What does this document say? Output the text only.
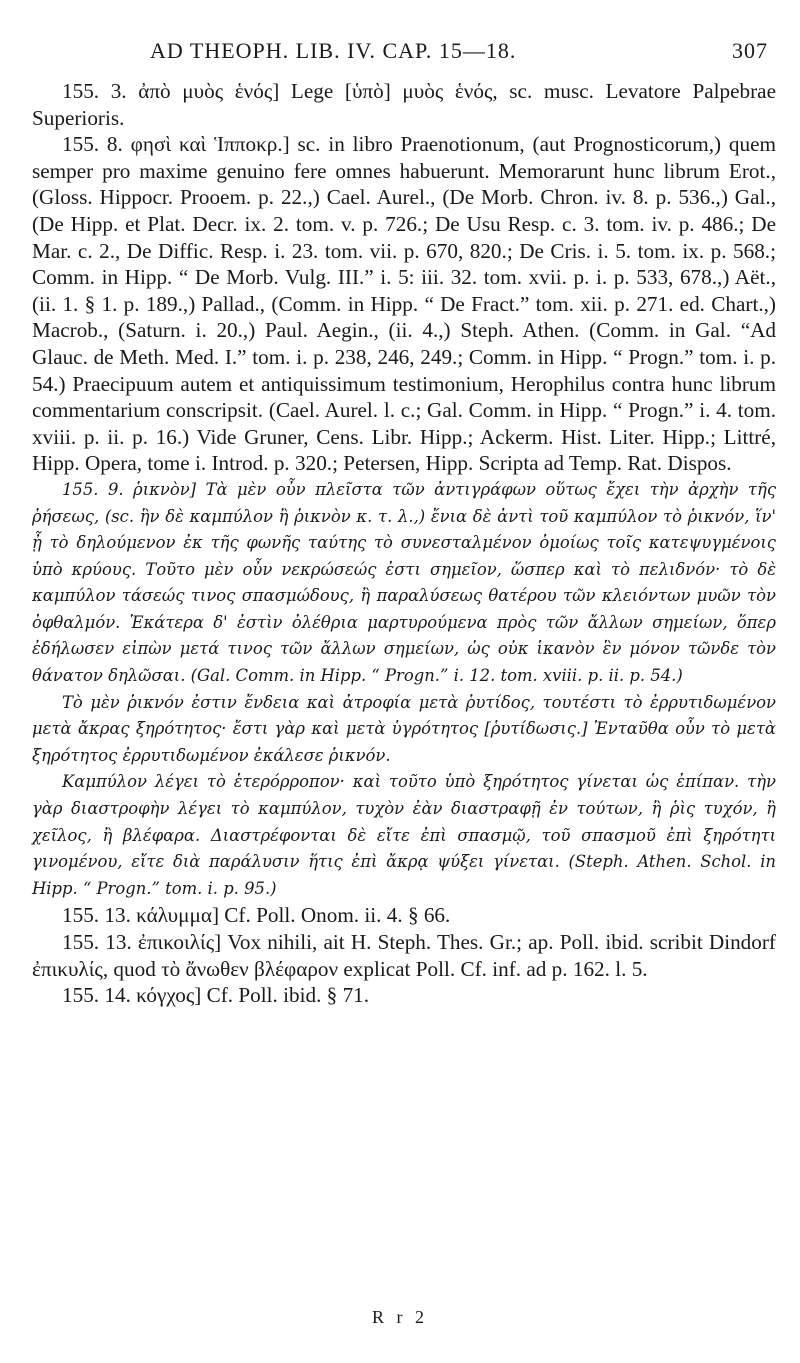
AD THEOPH. LIB. IV. CAP. 15—18.	307

155. 3. ἀπὸ μυὸς ἑνός] Lege [ὑπὸ] μυὸς ἑνός, sc. musc. Levatore Palpebrae Superioris.

155. 8. φησὶ καὶ Ἱπποκρ.] sc. in libro Praenotionum, (aut Prognosticorum,) quem semper pro maxime genuino fere omnes habuerunt. Memorarunt hunc librum Erot., (Gloss. Hippocr. Prooem. p. 22.,) Cael. Aurel., (De Morb. Chron. iv. 8. p. 536.,) Gal., (De Hipp. et Plat. Decr. ix. 2. tom. v. p. 726.; De Usu Resp. c. 3. tom. iv. p. 486.; De Mar. c. 2., De Diffic. Resp. i. 23. tom. vii. p. 670, 820.; De Cris. i. 5. tom. ix. p. 568.; Comm. in Hipp. “ De Morb. Vulg. III.” i. 5: iii. 32. tom. xvii. p. i. p. 533, 678.,) Aët., (ii. 1. § 1. p. 189.,) Pallad., (Comm. in Hipp. “ De Fract.” tom. xii. p. 271. ed. Chart.,) Macrob., (Saturn. i. 20.,) Paul. Aegin., (ii. 4.,) Steph. Athen. (Comm. in Gal. “Ad Glauc. de Meth. Med. I.” tom. i. p. 238, 246, 249.; Comm. in Hipp. “ Progn.” tom. i. p. 54.) Praecipuum autem et antiquissimum testimonium, Herophilus contra hunc librum commentarium conscripsit. (Cael. Aurel. l. c.; Gal. Comm. in Hipp. “ Progn.” i. 4. tom. xviii. p. ii. p. 16.) Vide Gruner, Cens. Libr. Hipp.; Ackerm. Hist. Liter. Hipp.; Littré, Hipp. Opera, tome i. Introd. p. 320.; Petersen, Hipp. Scripta ad Temp. Rat. Dispos.

155. 9. ῥικνὸν] Τὰ μὲν οὖν πλεῖστα τῶν ἀντιγράφων οὕτως ἔχει τὴν ἀρχὴν τῆς ῥήσεως, (sc. ἣν δὲ καμπύλον ἢ ῥικνὸν κ. τ. λ.,) ἔνια δὲ ἀντὶ τοῦ καμπύλον τὸ ῥικνόν, ἵν' ᾖ τὸ δηλούμενον ἐκ τῆς φωνῆς ταύτης τὸ συνεσταλμένον ὁμοίως τοῖς κατεψυγμένοις ὑπὸ κρύους. Τοῦτο μὲν οὖν νεκρώσεώς ἐστι σημεῖον, ὥσπερ καὶ τὸ πελιδνόν· τὸ δὲ καμπύλον τάσεώς τινος σπασμώδους, ἢ παραλύσεως θατέρου τῶν κλειόντων μυῶν τὸν ὀφθαλμόν. Ἑκάτερα δ' ἐστὶν ὀλέθρια μαρτυρούμενα πρὸς τῶν ἄλλων σημείων, ὅπερ ἐδήλωσεν εἰπὼν μετά τινος τῶν ἄλλων σημείων, ὡς οὐκ ἱκανὸν ἓν μόνον τῶνδε τὸν θάνατον δηλῶσαι. (Gal. Comm. in Hipp. “ Progn.” i. 12. tom. xviii. p. ii. p. 54.)

Τὸ μὲν ῥικνόν ἐστιν ἔνδεια καὶ ἀτροφία μετὰ ῥυτίδος, τουτέστι τὸ ἐρρυτιδωμένον μετὰ ἄκρας ξηρότητος· ἔστι γὰρ καὶ μετὰ ὑγρότητος [ῥυτίδωσις.] Ἐνταῦθα οὖν τὸ μετὰ ξηρότητος ἐρρυτιδωμένον ἐκάλεσε ῥικνόν.

Καμπύλον λέγει τὸ ἑτερόρροπον· καὶ τοῦτο ὑπὸ ξηρότητος γίνεται ὡς ἐπίπαν. τὴν γὰρ διαστροφὴν λέγει τὸ καμπύλον, τυχὸν ἐὰν διαστραφῇ ἐν τούτων, ἢ ῥὶς τυχόν, ἢ χεῖλος, ἢ βλέφαρα. Διαστρέφονται δὲ εἴτε ἐπὶ σπασμῷ, τοῦ σπασμοῦ ἐπὶ ξηρότητι γινομένου, εἴτε διὰ παράλυσιν ἥτις ἐπὶ ἄκρᾳ ψύξει γίνεται. (Steph. Athen. Schol. in Hipp. “ Progn.” tom. i. p. 95.)

155. 13. κάλυμμα] Cf. Poll. Onom. ii. 4. § 66.

155. 13. ἐπικοιλίς] Vox nihili, ait H. Steph. Thes. Gr.; ap. Poll. ibid. scribit Dindorf ἐπικυλίς, quod τὸ ἄνωθεν βλέφαρον explicat Poll. Cf. inf. ad p. 162. l. 5.

155. 14. κόγχος] Cf. Poll. ibid. § 71.

R r 2
